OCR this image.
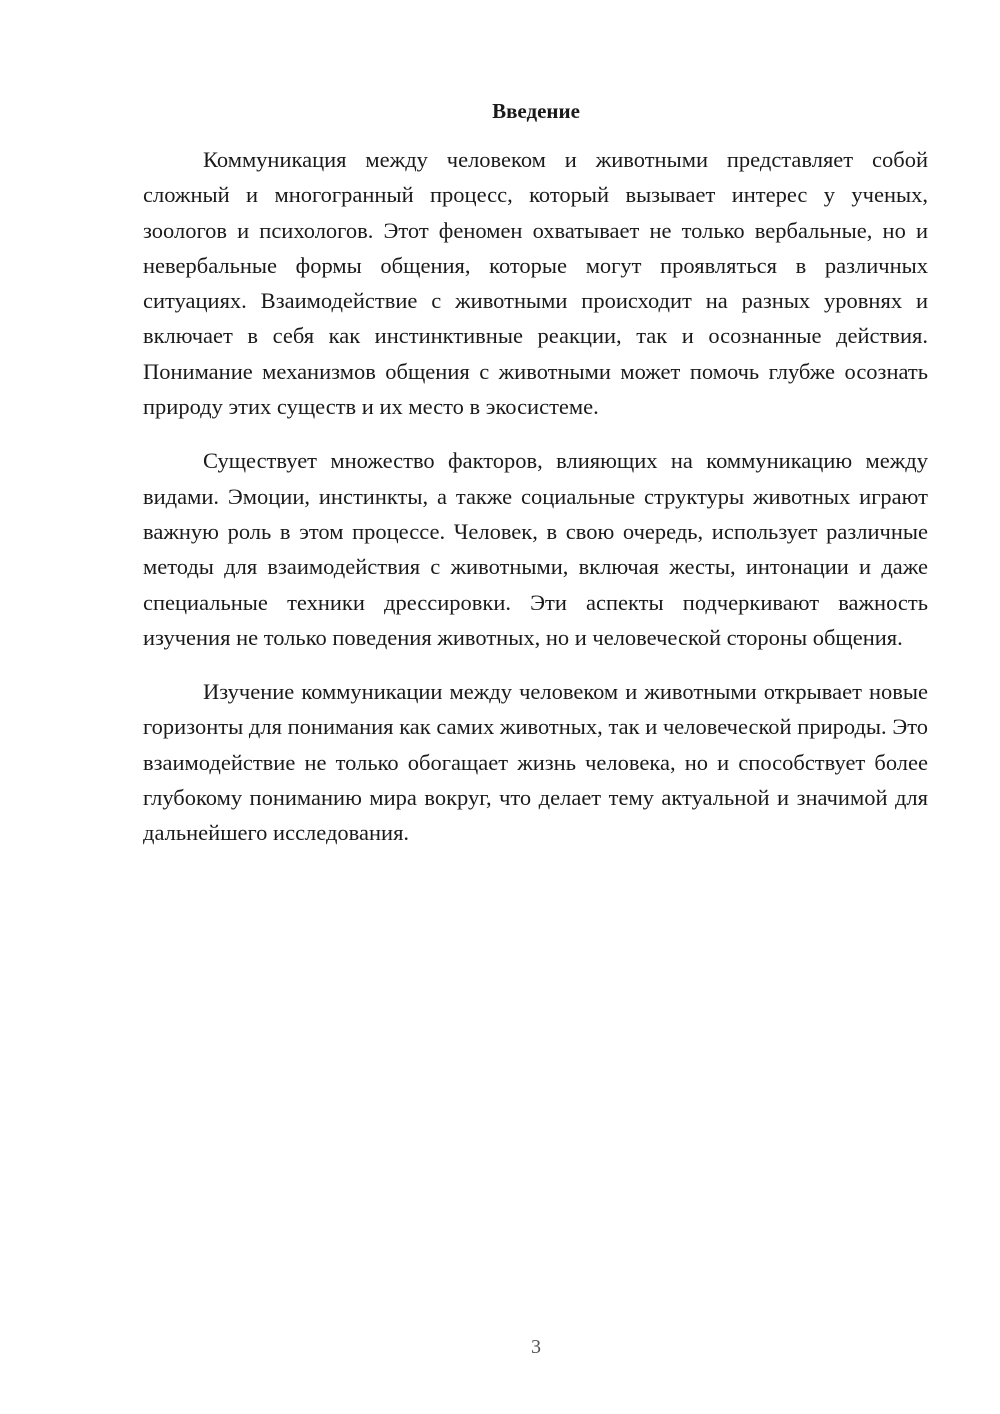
Введение

Коммуникация между человеком и животными представляет собой сложный и многогранный процесс, который вызывает интерес у ученых, зоологов и психологов. Этот феномен охватывает не только вербальные, но и невербальные формы общения, которые могут проявляться в различных ситуациях. Взаимодействие с животными происходит на разных уровнях и включает в себя как инстинктивные реакции, так и осознанные действия. Понимание механизмов общения с животными может помочь глубже осознать природу этих существ и их место в экосистеме.

Существует множество факторов, влияющих на коммуникацию между видами. Эмоции, инстинкты, а также социальные структуры животных играют важную роль в этом процессе. Человек, в свою очередь, использует различные методы для взаимодействия с животными, включая жесты, интонации и даже специальные техники дрессировки. Эти аспекты подчеркивают важность изучения не только поведения животных, но и человеческой стороны общения.

Изучение коммуникации между человеком и животными открывает новые горизонты для понимания как самих животных, так и человеческой природы. Это взаимодействие не только обогащает жизнь человека, но и способствует более глубокому пониманию мира вокруг, что делает тему актуальной и значимой для дальнейшего исследования.

3
